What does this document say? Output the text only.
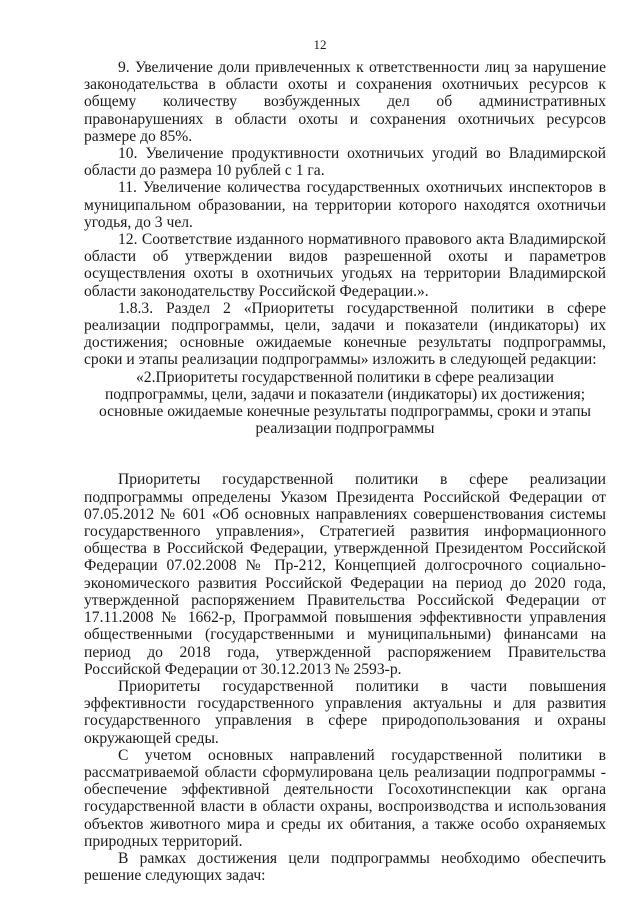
12

9. Увеличение доли привлеченных к ответственности лиц за нарушение законодательства в области охоты и сохранения охотничьих ресурсов к общему количеству возбужденных дел об административных правонарушениях в области охоты и сохранения охотничьих ресурсов размере до 85%.

10. Увеличение продуктивности охотничьих угодий во Владимирской области до размера 10 рублей с 1 га.

11. Увеличение количества государственных охотничьих инспекторов в муниципальном образовании, на территории которого находятся охотничьи угодья, до 3 чел.

12. Соответствие изданного нормативного правового акта Владимирской области об утверждении видов разрешенной охоты и параметров осуществления охоты в охотничьих угодьях на территории Владимирской области законодательству Российской Федерации.».

1.8.3. Раздел 2 «Приоритеты государственной политики в сфере реализации подпрограммы, цели, задачи и показатели (индикаторы) их достижения; основные ожидаемые конечные результаты подпрограммы, сроки и этапы реализации подпрограммы» изложить в следующей редакции:

«2.Приоритеты государственной политики в сфере реализации

подпрограммы, цели, задачи и показатели (индикаторы) их достижения;

основные ожидаемые конечные результаты подпрограммы, сроки и этапы

реализации подпрограммы

Приоритеты государственной политики в сфере реализации подпрограммы определены Указом Президента Российской Федерации от 07.05.2012 № 601 «Об основных направлениях совершенствования системы государственного управления», Стратегией развития информационного общества в Российской Федерации, утвержденной Президентом Российской Федерации 07.02.2008 № Пр-212, Концепцией долгосрочного социально-экономического развития Российской Федерации на период до 2020 года, утвержденной распоряжением Правительства Российской Федерации от 17.11.2008 № 1662-р, Программой повышения эффективности управления общественными (государственными и муниципальными) финансами на период до 2018 года, утвержденной распоряжением Правительства Российской Федерации от 30.12.2013 № 2593-р.

Приоритеты государственной политики в части повышения эффективности государственного управления актуальны и для развития государственного управления в сфере природопользования и охраны окружающей среды.

С учетом основных направлений государственной политики в рассматриваемой области сформулирована цель реализации подпрограммы - обеспечение эффективной деятельности Госохотинспекции как органа государственной власти в области охраны, воспроизводства и использования объектов животного мира и среды их обитания, а также особо охраняемых природных территорий.

В рамках достижения цели подпрограммы необходимо обеспечить решение следующих задач:
